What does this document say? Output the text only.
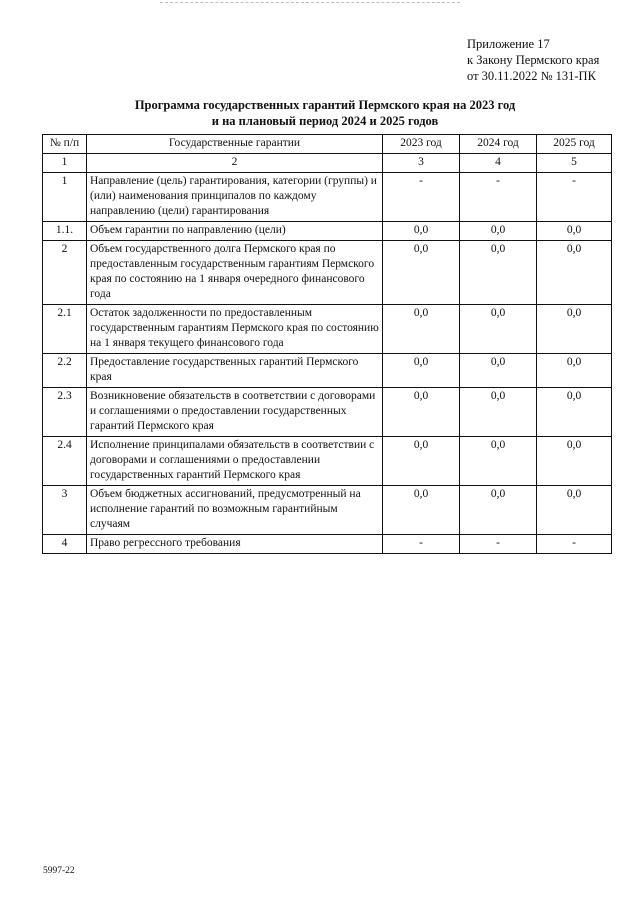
Приложение 17
к Закону Пермского края
от 30.11.2022 № 131-ПК
Программа государственных гарантий Пермского края на 2023 год
и на плановый период 2024 и 2025 годов
№ п/п	Государственные гарантии	2023 год	2024 год	2025 год
1	2	3	4	5
1	Направление (цель) гарантирования, категории (группы) и (или) наименования принципалов по каждому направлению (цели) гарантирования	-	-	-
1.1.	Объем гарантии по направлению (цели)	0,0	0,0	0,0
2	Объем государственного долга Пермского края по предоставленным государственным гарантиям Пермского края по состоянию на 1 января очередного финансового года	0,0	0,0	0,0
2.1	Остаток задолженности по предоставленным государственным гарантиям Пермского края по состоянию на 1 января текущего финансового года	0,0	0,0	0,0
2.2	Предоставление государственных гарантий Пермского края	0,0	0,0	0,0
2.3	Возникновение обязательств в соответствии с договорами и соглашениями о предоставлении государственных гарантий Пермского края	0,0	0,0	0,0
2.4	Исполнение принципалами обязательств в соответствии с договорами и соглашениями о предоставлении государственных гарантий Пермского края	0,0	0,0	0,0
3	Объем бюджетных ассигнований, предусмотренный на исполнение гарантий по возможным гарантийным случаям	0,0	0,0	0,0
4	Право регрессного требования	-	-	-
5997-22
